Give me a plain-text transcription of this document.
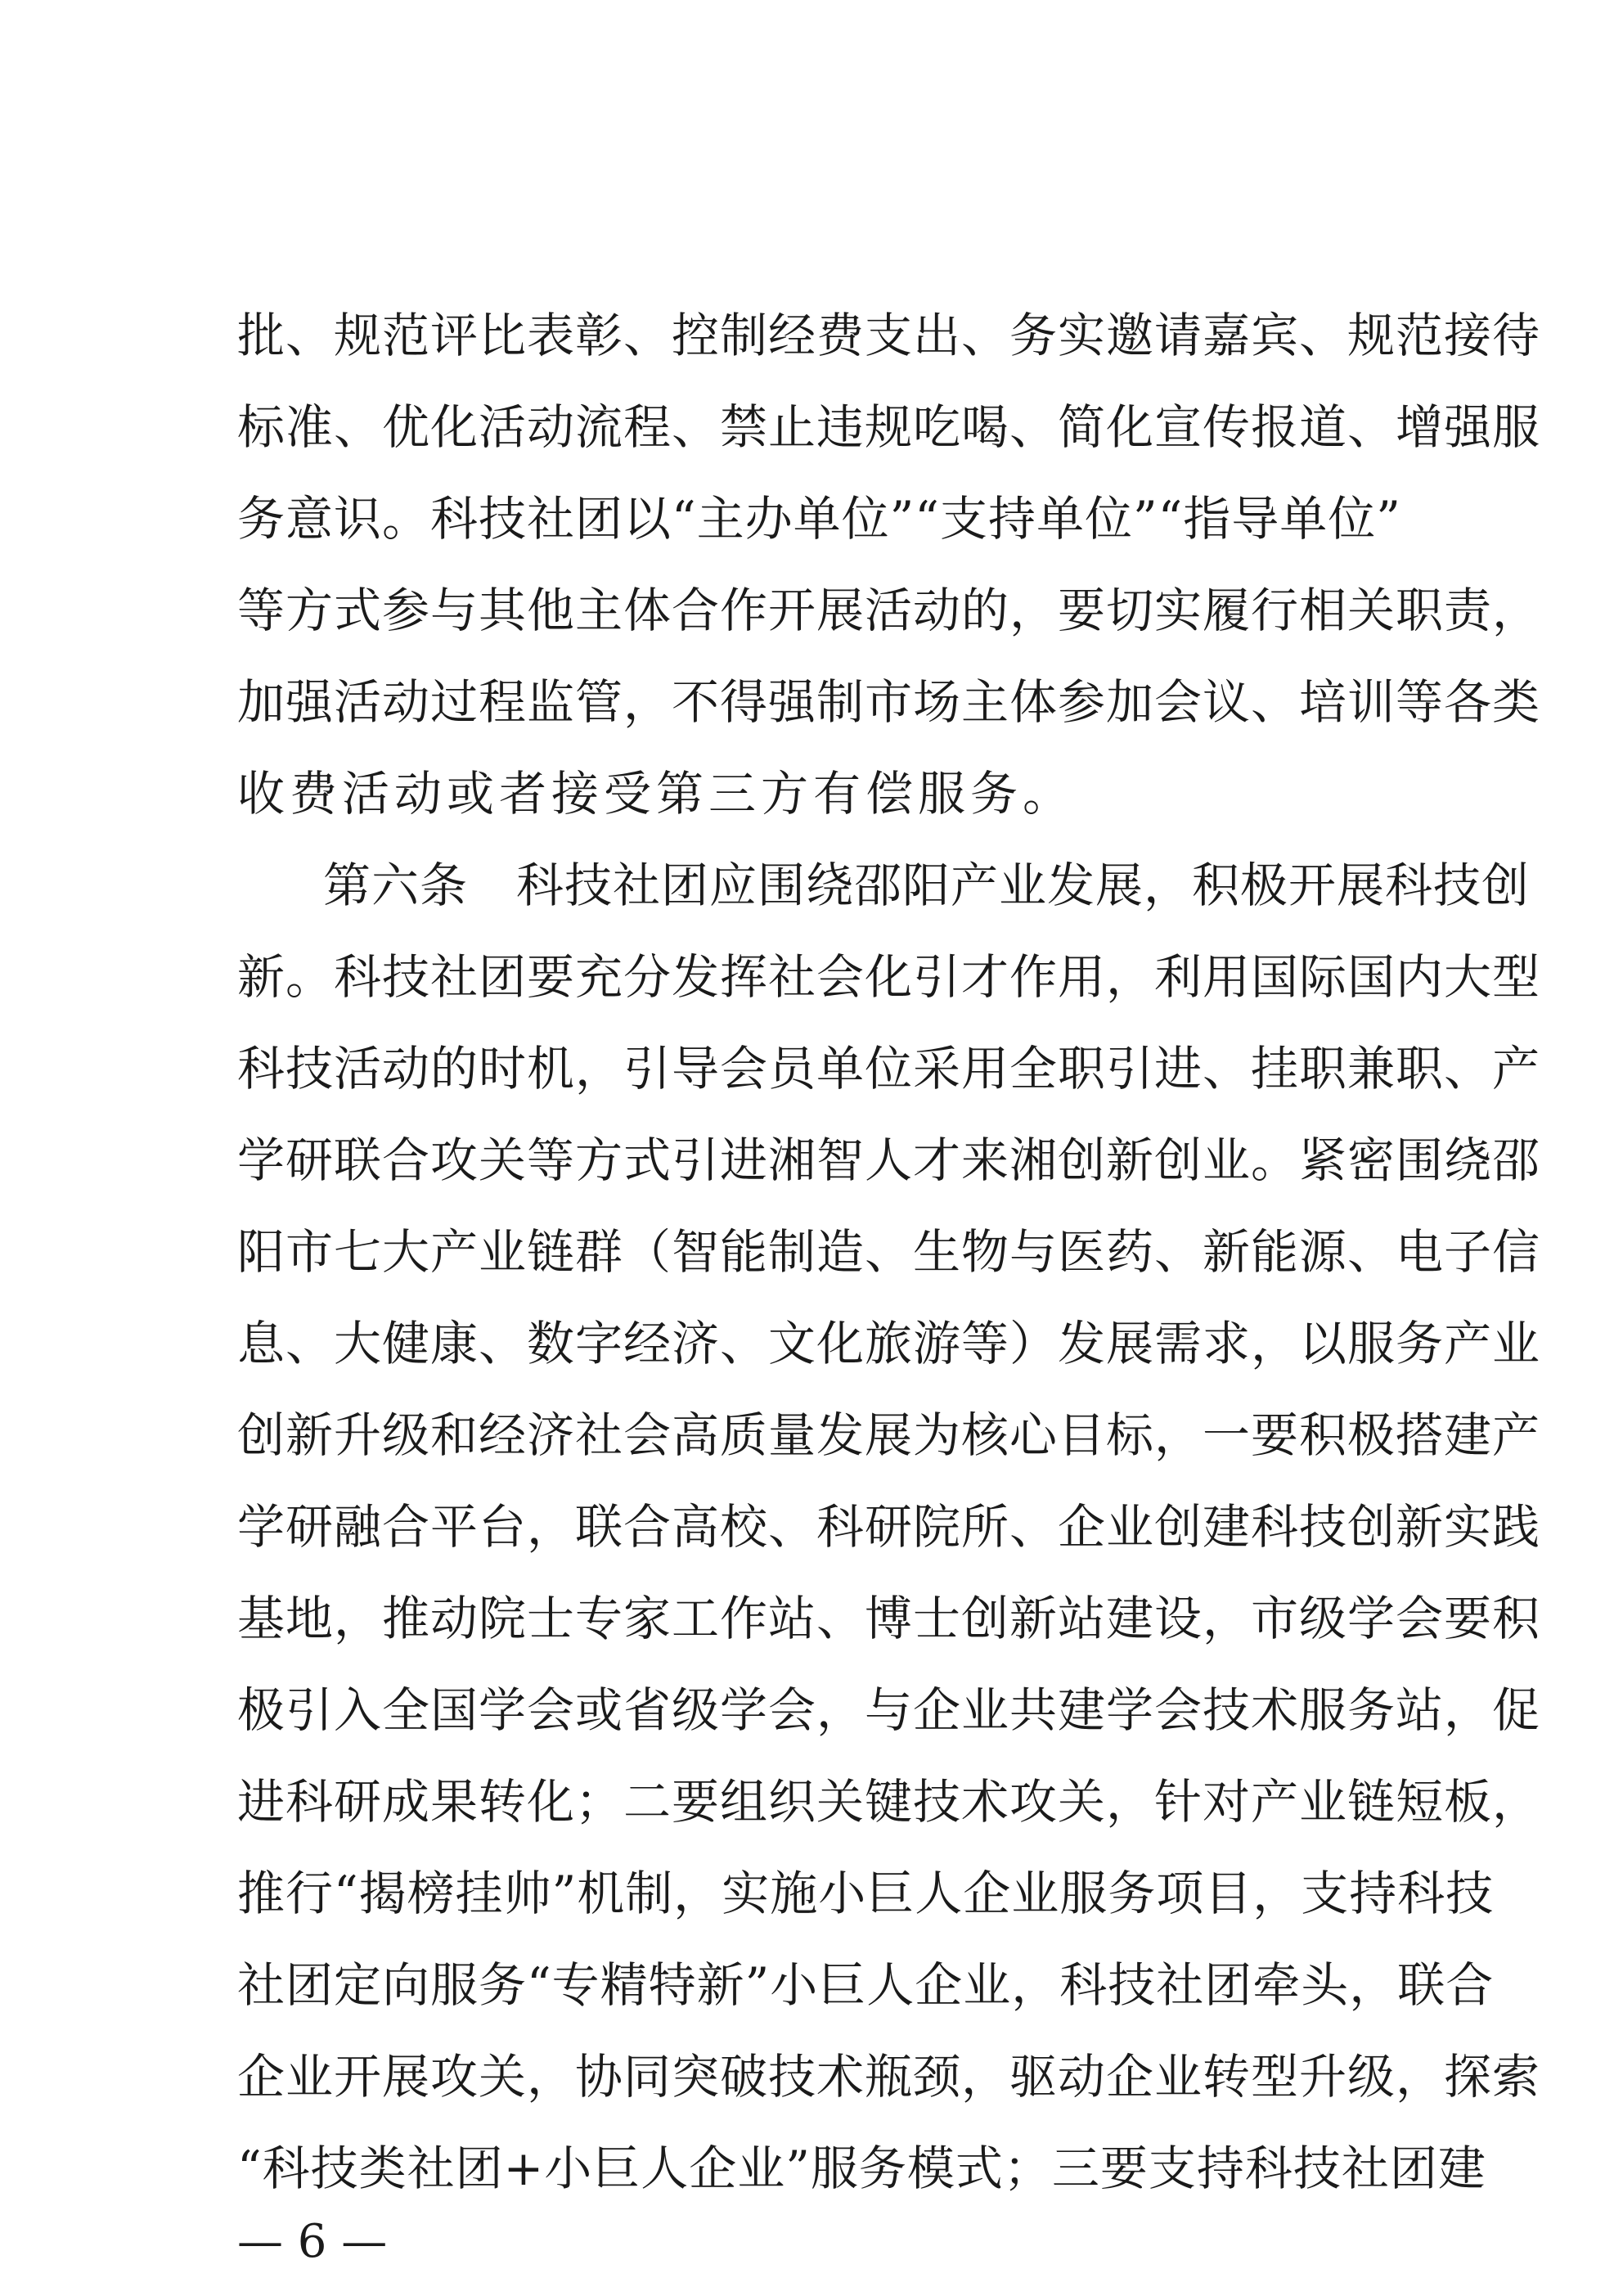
批、规范评比表彰、控制经费支出、务实邀请嘉宾、规范接待
标准、优化活动流程、禁止违规吃喝、简化宣传报道、增强服
务意识。科技社团以“主办单位”“支持单位”“指导单位”
等方式参与其他主体合作开展活动的，要切实履行相关职责，
加强活动过程监管，不得强制市场主体参加会议、培训等各类
收费活动或者接受第三方有偿服务。
第六条　科技社团应围绕邵阳产业发展，积极开展科技创
新。科技社团要充分发挥社会化引才作用，利用国际国内大型
科技活动的时机，引导会员单位采用全职引进、挂职兼职、产
学研联合攻关等方式引进湘智人才来湘创新创业。紧密围绕邵
阳市七大产业链群（智能制造、生物与医药、新能源、电子信
息、大健康、数字经济、文化旅游等）发展需求，以服务产业
创新升级和经济社会高质量发展为核心目标，一要积极搭建产
学研融合平台，联合高校、科研院所、企业创建科技创新实践
基地，推动院士专家工作站、博士创新站建设，市级学会要积
极引入全国学会或省级学会，与企业共建学会技术服务站，促
进科研成果转化；二要组织关键技术攻关，针对产业链短板，
推行“揭榜挂帅”机制，实施小巨人企业服务项目，支持科技
社团定向服务“专精特新”小巨人企业，科技社团牵头，联合
企业开展攻关，协同突破技术瓶颈，驱动企业转型升级，探索
“科技类社团+小巨人企业”服务模式；三要支持科技社团建
— 6 —
